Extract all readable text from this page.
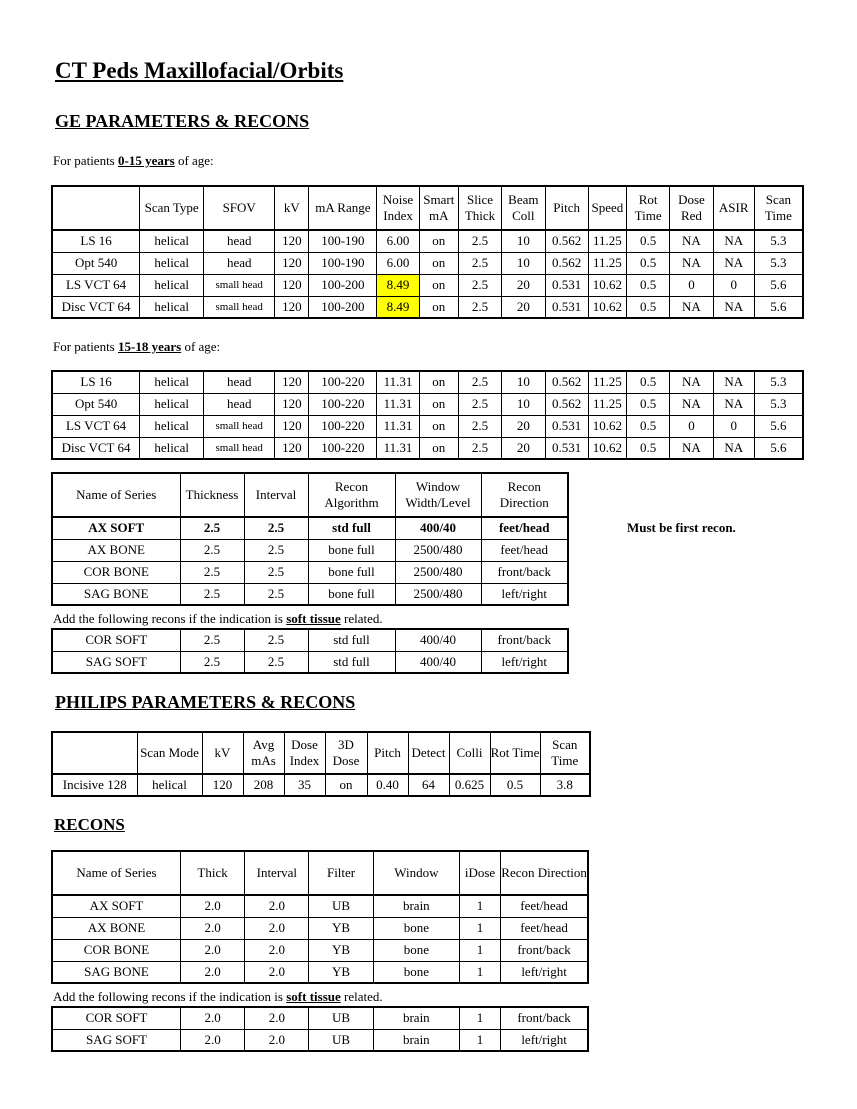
CT Peds Maxillofacial/Orbits
GE PARAMETERS & RECONS
For patients 0-15 years of age:
	Scan Type	SFOV	kV	mA Range	Noise Index	Smart mA	Slice Thick	Beam Coll	Pitch	Speed	Rot Time	Dose Red	ASIR	Scan Time
LS 16	helical	head	120	100-190	6.00	on	2.5	10	0.562	11.25	0.5	NA	NA	5.3
Opt 540	helical	head	120	100-190	6.00	on	2.5	10	0.562	11.25	0.5	NA	NA	5.3
LS VCT 64	helical	small head	120	100-200	8.49	on	2.5	20	0.531	10.62	0.5	0	0	5.6
Disc VCT 64	helical	small head	120	100-200	8.49	on	2.5	20	0.531	10.62	0.5	NA	NA	5.6
For patients 15-18 years of age:
LS 16	helical	head	120	100-220	11.31	on	2.5	10	0.562	11.25	0.5	NA	NA	5.3
Opt 540	helical	head	120	100-220	11.31	on	2.5	10	0.562	11.25	0.5	NA	NA	5.3
LS VCT 64	helical	small head	120	100-220	11.31	on	2.5	20	0.531	10.62	0.5	0	0	5.6
Disc VCT 64	helical	small head	120	100-220	11.31	on	2.5	20	0.531	10.62	0.5	NA	NA	5.6
Name of Series	Thickness	Interval	Recon Algorithm	Window Width/Level	Recon Direction
AX SOFT	2.5	2.5	std full	400/40	feet/head
AX BONE	2.5	2.5	bone full	2500/480	feet/head
COR BONE	2.5	2.5	bone full	2500/480	front/back
SAG BONE	2.5	2.5	bone full	2500/480	left/right
Must be first recon.
Add the following recons if the indication is soft tissue related.
COR SOFT	2.5	2.5	std full	400/40	front/back
SAG SOFT	2.5	2.5	std full	400/40	left/right
PHILIPS PARAMETERS & RECONS
	Scan Mode	kV	Avg mAs	Dose Index	3D Dose	Pitch	Detect	Colli	Rot Time	Scan Time
Incisive 128	helical	120	208	35	on	0.40	64	0.625	0.5	3.8
RECONS
Name of Series	Thick	Interval	Filter	Window	iDose	Recon Direction
AX SOFT	2.0	2.0	UB	brain	1	feet/head
AX BONE	2.0	2.0	YB	bone	1	feet/head
COR BONE	2.0	2.0	YB	bone	1	front/back
SAG BONE	2.0	2.0	YB	bone	1	left/right
Add the following recons if the indication is soft tissue related.
COR SOFT	2.0	2.0	UB	brain	1	front/back
SAG SOFT	2.0	2.0	UB	brain	1	left/right
